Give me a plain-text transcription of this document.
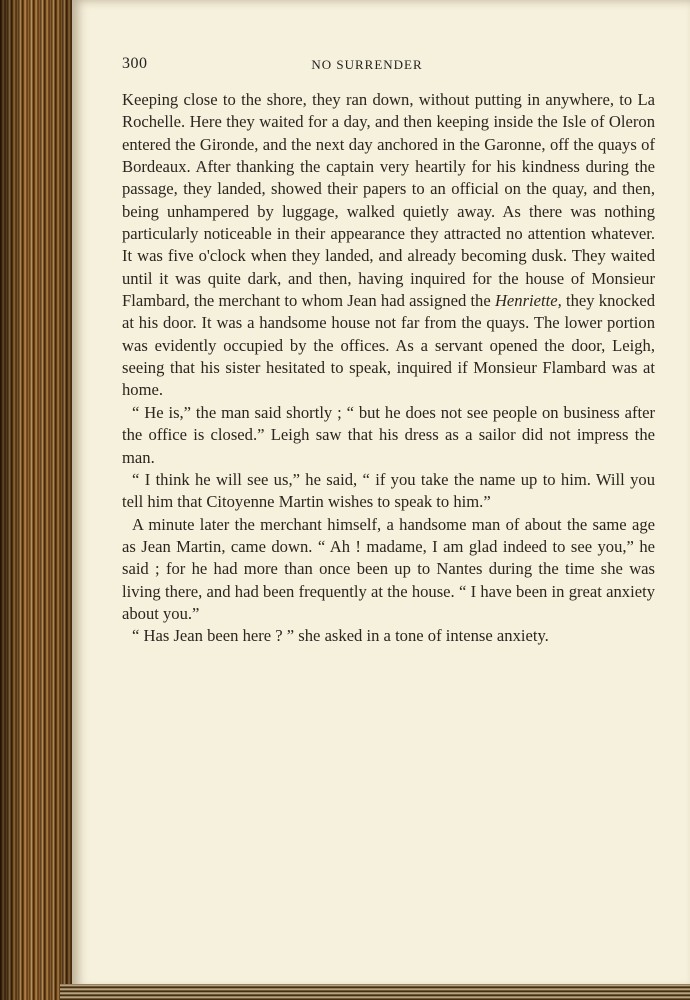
300	NO SURRENDER

Keeping close to the shore, they ran down, without putting in anywhere, to La Rochelle. Here they waited for a day, and then keeping inside the Isle of Oleron entered the Gironde, and the next day anchored in the Garonne, off the quays of Bordeaux. After thanking the captain very heartily for his kindness during the passage, they landed, showed their papers to an official on the quay, and then, being unhampered by luggage, walked quietly away. As there was nothing particularly noticeable in their appearance they attracted no attention whatever. It was five o'clock when they landed, and already becoming dusk. They waited until it was quite dark, and then, having inquired for the house of Monsieur Flambard, the merchant to whom Jean had assigned the Henriette, they knocked at his door. It was a handsome house not far from the quays. The lower portion was evidently occupied by the offices. As a servant opened the door, Leigh, seeing that his sister hesitated to speak, inquired if Monsieur Flambard was at home.

“ He is,” the man said shortly ; “ but he does not see people on business after the office is closed.” Leigh saw that his dress as a sailor did not impress the man.

“ I think he will see us,” he said, “ if you take the name up to him. Will you tell him that Citoyenne Martin wishes to speak to him.”

A minute later the merchant himself, a handsome man of about the same age as Jean Martin, came down. “ Ah ! madame, I am glad indeed to see you,” he said ; for he had more than once been up to Nantes during the time she was living there, and had been frequently at the house. “ I have been in great anxiety about you.”

“ Has Jean been here ? ” she asked in a tone of intense anxiety.
